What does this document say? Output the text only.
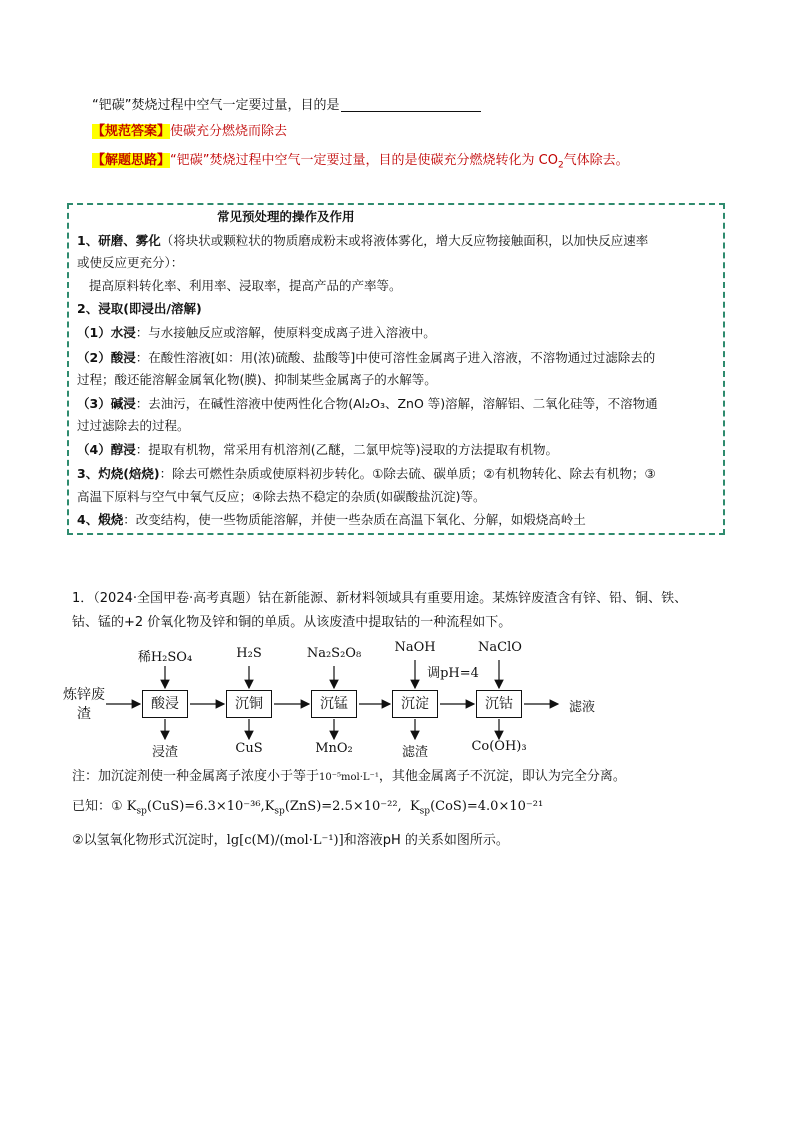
“钯碳”焚烧过程中空气一定要过量，目的是
【规范答案】使碳充分燃烧而除去
【解题思路】“钯碳”焚烧过程中空气一定要过量，目的是使碳充分燃烧转化为 $CO_2$气体除去。
常见预处理的操作及作用
1、研磨、雾化（将块状或颗粒状的物质磨成粉末或将液体雾化，增大反应物接触面积，以加快反应速率
或使反应更充分）：
提高原料转化率、利用率、浸取率，提高产品的产率等。
2、浸取(即浸出/溶解)
（1）水浸：与水接触反应或溶解，使原料变成离子进入溶液中。
（2）酸浸：在酸性溶液[如：用(浓)硫酸、盐酸等]中使可溶性金属离子进入溶液，不溶物通过过滤除去的
过程；酸还能溶解金属氧化物(膜)、抑制某些金属离子的水解等。
（3）碱浸：去油污，在碱性溶液中使两性化合物(Al₂O₃、ZnO 等)溶解，溶解铝、二氧化硅等，不溶物通
过过滤除去的过程。
（4）醇浸：提取有机物，常采用有机溶剂(乙醚，二氯甲烷等)浸取的方法提取有机物。
3、灼烧(焙烧)：除去可燃性杂质或使原料初步转化。①除去硫、碳单质；②有机物转化、除去有机物；③
高温下原料与空气中氧气反应；④除去热不稳定的杂质(如碳酸盐沉淀)等。
4、煅烧：改变结构，使一些物质能溶解，并使一些杂质在高温下氧化、分解，如煅烧高岭土
1．（2024·全国甲卷·高考真题）钴在新能源、新材料领域具有重要用途。某炼锌废渣含有锌、铅、铜、铁、
钴、锰的+2 价氧化物及锌和铜的单质。从该废渣中提取钴的一种流程如下。
炼锌废渣
酸浸	沉铜	沉锰	沉淀	沉钴
稀H₂SO₄	H₂S	Na₂S₂O₈	NaOH
调pH=4
NaClO
浸渣	CuS	MnO₂	滤渣	Co(OH)₃
滤液
注：加沉淀剂使一种金属离子浓度小于等于10⁻⁵mol·L⁻¹，其他金属离子不沉淀，即认为完全分离。
已知：① $K_{sp}(CuS)=6.3\times 10^{-36},K_{sp}(ZnS)=2.5\times 10^{-22}$, $K_{sp}(CoS)=4.0\times 10^{-21}$
②以氢氧化物形式沉淀时，lg[c(M)/(mol·L⁻¹)]和溶液pH 的关系如图所示。
